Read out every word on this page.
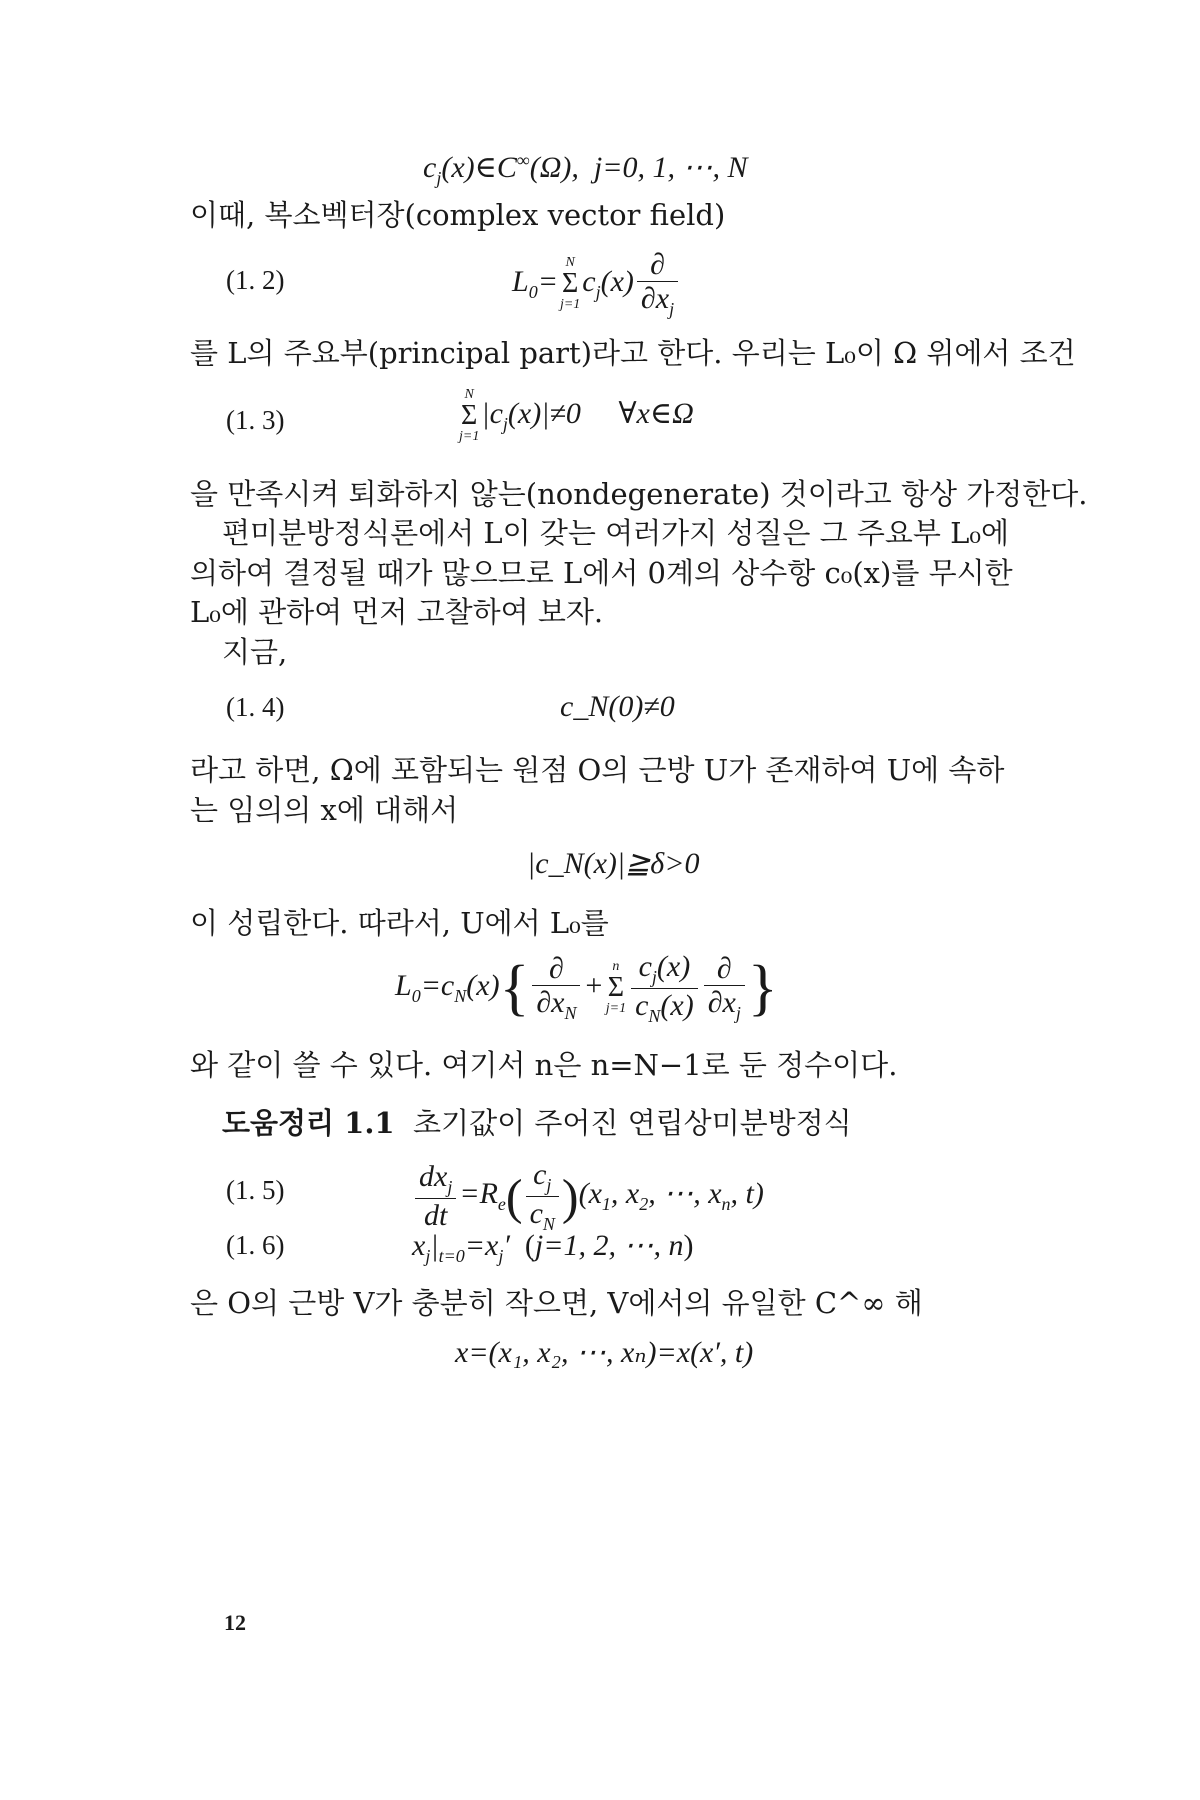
$c_j(x)\in C^\infty(\Omega)$,  j=0, 1, ⋯, N
이때, 복소벡터장(complex vector field)
(1. 2)	$L_0=$
N
Σ
j=1
$c_j(x) \frac{\partial}{\partial x_j}$
를 L의 주요부(principal part)라고 한다. 우리는 L₀이 Ω 위에서 조건
(1. 3)
N
Σ
j=1
$|c_j(x)|\ne 0$     ∀x∈Ω
을 만족시켜 퇴화하지 않는(nondegenerate) 것이라고 항상 가정한다.
편미분방정식론에서 L이 갖는 여러가지 성질은 그 주요부 L₀에
의하여 결정될 때가 많으므로 L에서 0계의 상수항 c₀(x)를 무시한
L₀에 관하여 먼저 고찰하여 보자.
지금,
(1. 4)	c_N(0)≠0
라고 하면, Ω에 포함되는 원점 O의 근방 U가 존재하여 U에 속하
는 임의의 x에 대해서
|c_N(x)|≧δ>0
이 성립한다. 따라서, U에서 L₀를
$L_0=c_N(x)\{ \frac{\partial}{\partial x_N}$ +
n
Σ
$j=1 \frac{c_j(x)}{c_N(x)} \frac{\partial}{\partial x_j}$ }
와 같이 쓸 수 있다. 여기서 n은 n=N−1로 둔 정수이다.
도움정리 1.1 초기값이 주어진 연립상미분방정식
(1. 5)	$\frac{dx_j}{dt} =R_e( \frac{c_j}{c_N} )(x_1$, $x_2$, ⋯, $x_n$, t)
(1. 6)	$x_j|_{t=0}=x_j'$  (j=1, 2, ⋯, n)
은 O의 근방 V가 충분히 작으면, V에서의 유일한 C^∞ 해
x=(x₁, x₂, ⋯, xₙ)=x(x′, t)
12
